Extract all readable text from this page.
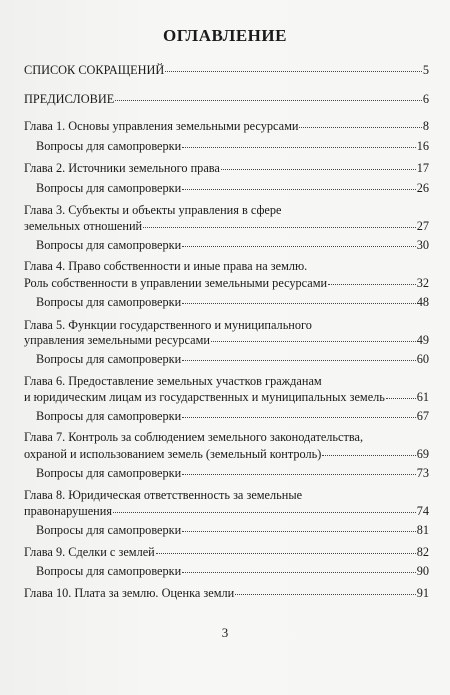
ОГЛАВЛЕНИЕ
СПИСОК СОКРАЩЕНИЙ	5
ПРЕДИСЛОВИЕ	6
Глава 1. Основы управления земельными ресурсами	8
Вопросы для самопроверки	16
Глава 2. Источники земельного права	17
Вопросы для самопроверки	26
Глава 3. Субъекты и объекты управления в сфере
земельных отношений	27
Вопросы для самопроверки	30
Глава 4. Право собственности и иные права на землю.
Роль собственности в управлении земельными ресурсами	32
Вопросы для самопроверки	48
Глава 5. Функции государственного и муниципального
управления земельными ресурсами	49
Вопросы для самопроверки	60
Глава 6. Предоставление земельных участков гражданам
и юридическим лицам из государственных и муниципальных земель	61
Вопросы для самопроверки	67
Глава 7. Контроль за соблюдением земельного законодательства,
охраной и использованием земель (земельный контроль)	69
Вопросы для самопроверки	73
Глава 8. Юридическая ответственность за земельные
правонарушения	74
Вопросы для самопроверки	81
Глава 9. Сделки с землей	82
Вопросы для самопроверки	90
Глава 10. Плата за землю. Оценка земли	91
3
